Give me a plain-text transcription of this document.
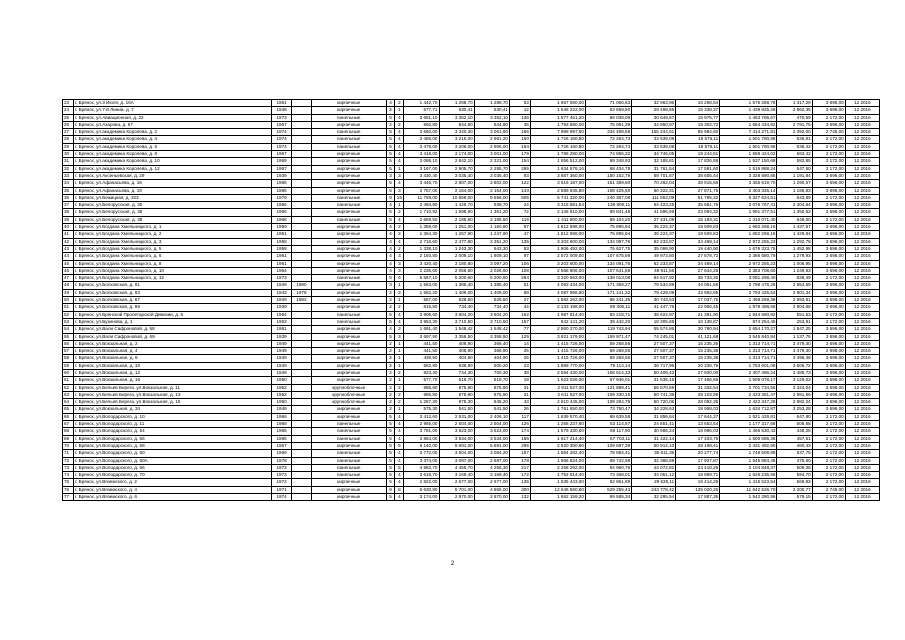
23	г. Брянск, ул.3 Июля, д. 16А	1961		кирпичные	4	2	1 442,70	1 288,70	1 288,70	53	1 667 590,00	71 066,63	32 963,96	16 268,64	1 575 288,78	1 317,29	3 696,00	12 2016
24	г. Брянск, ул.7-й Линии, д. 7	1948		кирпичные	2	1	577,71	530,41	530,41	12	1 548 222,00	63 559,50	29 498,85	15 338,37	1 439 825,28	2 862,35	3 696,00	12 2016
25	г. Брянск, ул.Авиационная, д. 22	1973		панельные	5	4	3 681,10	3 352,10	3 352,10	136	1 577 451,20	66 038,09	30 649,67	15 975,77	1 463 786,67	470,59	2 172,00	12 2016
26	г. Брянск, ул.Азарова, д. 67	1957		кирпичные	2	2	892,80	844,80	844,80	35	1 793 880,00	75 091,39	34 850,97	19 302,72	1 664 434,92	2 791,76	3 696,00	12 2016
27	г. Брянск, ул.академика Королева, д. 2	1974		панельные	5	4	3 660,00	3 340,30	3 061,90	166	7 989 997,60	334 498,58	155 244,61	85 984,60	7 414 271,81	2 392,00	2 745,00	12 2016
28	г. Брянск, ул.академика Королева, д. 4	1974		панельные	5	4	3 489,00	3 215,00	2 981,20	150	1 726 160,80	72 264,73	33 539,08	18 576,11	1 601 780,88	536,91	2 172,00	12 2016
29	г. Брянск, ул.академика Королева, д. 6	1974		панельные	5	4	3 479,00	3 206,00	2 906,00	164	1 726 160,80	72 264,73	33 539,08	18 576,11	1 601 780,88	538,42	2 172,00	12 2016
30	г. Брянск, ул.академика Королева, д. 8	1967		кирпичные	5	4	3 418,00	3 174,00	3 001,00	179	1 788 280,00	74 865,32	34 746,05	19 244,61	1 659 424,02	563,42	2 172,00	12 2016
31	г. Брянск, ул.академика Королева, д. 10	1969		кирпичные	5	4	3 086,10	2 842,10	2 321,00	154	1 656 512,00	69 348,93	32 185,81	17 826,58	1 537 150,68	582,85	2 172,00	12 2016
32	г. Брянск, ул.академика Королева, д. 12	1967		кирпичные	5	1	3 167,00	2 905,70	2 285,70	295	1 634 576,16	68 434,78	31 761,54	17 591,60	1 516 888,24	547,50	2 172,00	12 2016
33	г. Брянск, ул.Аксеньевская, д. 29	1939		кирпичные	3	3	3 430,40	3 035,40	3 035,40	93	3 687 360,00	150 162,78	69 701,67	38 605,44	3 328 890,85	1 191,84	3 696,00	12 2016
34	г. Брянск, ул.Афанасьева, д. 16	1965		кирпичные	5	4	3 446,70	2 807,00	2 802,00	122	3 616 187,00	151 389,60	70 262,04	38 915,66	3 355 619,70	1 290,57	3 696,00	12 2016
35	г. Брянск, ул.Афанасьева, д. 19	1965		кирпичные	5	3	2 757,00	2 164,00	2 164,00	143	2 589 945,80	108 425,60	50 322,31	27 871,75	2 403 325,14	1 196,83	3 696,00	12 2016
36	г. Брянск, ул.Бежицкая, д. 323	1979		панельные	9	15	11 759,00	10 556,00	9 556,00	505	5 741 320,00	240 367,08	111 553,09	61 785,32	5 327 624,51	543,89	2 172,00	12 2016
37	г. Брянск, ул.Белорусская, д. 30	1966		панельные	4	1	2 494,90	1 428,70	938,70	24	3 315 681,54	138 809,11	64 423,25	35 681,76	3 076 767,41	2 304,64	3 696,00	12 2016
38	г. Брянск, ул.Белорусская, д. 36	1966		кирпичные	5	2	1 710,92	1 598,90	1 351,20	72	2 146 810,00	89 841,48	41 696,69	23 094,32	1 991 377,51	1 350,53	3 696,00	12 2016
39	г. Брянск, ул.Белорусская, д. 38	1968		панельные	5	4	2 669,50	2 185,50	2 185,50	119	1 411 800,00	59 104,20	27 431,09	15 193,31	1 310 071,40	646,00	2 172,00	12 2016
40	г. Брянск, ул.Богдана Хмельницкого, д. 1	1959		кирпичные	4	2	1 359,00	1 251,00	1 160,80	57	1 812 898,00	75 895,94	35 224,37	19 509,83	1 682 268,16	1 437,67	3 696,00	12 2016
41	г. Брянск, ул.Богдана Хмельницкого, д. 2	1961		кирпичные	4	2	1 364,30	1 267,90	1 247,90	47	1 812 898,00	75 895,94	35 224,37	19 509,83	1 682 268,16	1 429,84	3 696,00	12 2016
42	г. Брянск, ул.Богдана Хмельницкого, д. 3	1958		кирпичные	4	4	2 716,60	2 477,80	2 351,20	135	3 203 600,00	134 097,76	62 233,87	34 469,14	2 972 255,23	1 292,78	3 696,00	12 2016
43	г. Брянск, ул.Богдана Хмельницкого, д. 5	1958		кирпичные	4	2	1 338,10	1 243,30	943,30	53	1 806 492,00	75 627,75	35 099,90	19 440,90	1 676 323,75	1 452,98	3 696,00	12 2016
44	г. Брянск, ул.Богдана Хмельницкого, д. 6	1961		кирпичные	4	3	2 193,80	2 009,10	1 809,10	97	2 572 009,00	107 675,69	49 973,80	27 678,72	2 386 680,79	1 279,93	3 696,00	12 2016
45	г. Брянск, ул.Богдана Хмельницкого, д. 8	1961		кирпичные	4	3	3 420,40	3 180,80	3 097,20	106	3 203 600,00	134 091,76	62 233,87	34 469,14	2 972 255,23	1 006,95	3 696,00	12 2016
46	г. Брянск, ул.Богдана Хмельницкого, д. 10	1964		кирпичные	4	3	2 235,60	2 056,60	2 026,60	108	2 568 806,00	107 541,59	49 911,56	27 644,25	2 383 708,60	1 249,93	3 696,00	12 2016
47	г. Брянск, ул.Богдана Хмельницкого, д. 12	1973		панельные	5	6	5 567,10	5 200,60	5 200,60	264	3 320 563,00	139 013,08	64 517,92	35 734,30	3 081 298,40	638,49	2 172,00	12 2016
48	г. Брянск, ул.Болховская, д. 61	1949	1980	кирпичные	3	1	1 563,00	1 385,40	1 385,40	51	4 093 434,00	171 369,27	79 534,89	44 051,56	3 798 478,28	2 954,69	3 696,00	12 2016
49	г. Брянск, ул.Болховская, д. 63	1943	1978	кирпичные	2	3	1 582,20	1 409,00	1 409,00	69	4 087 968,90	171 141,32	79 429,09	43 992,95	3 793 425,53	2 901,34	3 696,00	12 2016
50	г. Брянск, ул.Болховская, д. 67	1949	1983	кирпичные	2	1	587,00	528,50	528,50	27	1 582 262,00	66 241,35	30 743,53	17 037,75	1 468 269,38	2 993,91	3 696,00	12 2016
51	г. Брянск, ул.Болховская, д. 69	1939		кирпичные	2	2	815,80	734,40	734,40	44	2 133 198,00	89 305,11	41 447,76	22 956,45	1 979 488,68	2 904,68	3 696,00	12 2016
52	г. Брянск, ул.Брянской Пролетарской Дивизии, д. 5	1964		панельные	5	4	3 905,60	3 604,20	3 604,20	162	1 987 814,40	83 218,71	38 622,97	21 391,90	1 844 580,82	551,53	2 172,00	12 2016
53	г. Брянск, ул.Бузинова, д. 1	1963		панельные	5	4	3 953,30	3 710,50	3 710,50	157	942 141,20	39 442,20	18 305,68	10 138,87	874 254,45	253,91	2 172,00	12 2016
54	г. Брянск, ул.Вали Сафроновой, д. 58	1961		кирпичные	4	3	1 691,40	1 548,42	1 548,42	77	2 860 270,00	119 743,94	55 574,86	30 780,94	2 654 170,27	1 847,25	3 696,00	12 2016
55	г. Брянск, ул.Вали Сафроновой, д. 69	1939		кирпичные	5	3	3 697,90	3 358,50	3 358,50	125	3 821 179,00	159 971,47	74 245,01	41 121,68	3 545 840,84	1 137,76	3 696,00	12 2016
56	г. Брянск, ул.Вокзальная, д. 2	1949		кирпичные	2	1	441,50	406,90	366,40	14	1 415 726,00	59 268,56	27 507,37	15 235,36	1 313 714,71	3 479,30	3 696,00	12 2016
57	г. Брянск, ул.Вокзальная, д. 4	1949		кирпичные	2	1	441,50	406,90	366,90	25	1 415 726,00	59 268,56	27 507,37	15 235,36	1 313 714,71	3 479,30	2 998,00	12 2016
58	г. Брянск, ул.Вокзальная, д. 6	1949		кирпичные	2	1	439,50	404,90	404,90	26	1 415 726,00	59 268,56	27 507,37	15 235,36	1 313 714,71	3 496,48	3 696,00	12 2016
59	г. Брянск, ул.Вокзальная, д. 10	1949		кирпичные	2	1	582,80	538,90	500,20	23	1 889 770,00	79 114,14	36 717,96	20 336,79	1 753 601,08	3 506,72	3 696,00	12 2016
60	г. Брянск, ул.Вокзальная, д. 12	1949		кирпичные	2	2	823,30	744,30	700,30	38	2 594 430,00	108 614,33	50 409,43	27 920,00	2 407 486,24	3 485,73	3 696,00	12 2016
61	г. Брянск, ул.Вокзальная, д. 16	1950		кирпичные	2	1	577,70	518,70	518,70	18	1 623 026,00	67 946,01	31 535,16	17 466,66	1 506 078,17	3 129,03	3 696,00	12 2016
62	г. Брянск, ул.Бельев Берега, ул.Вокзальная, д. 11	1952		крупноблочные	2	2	985,80	875,90	875,90	31	2 911 527,00	121 889,41	56 570,59	31 332,54	2 701 734,55	3 324,04	3 696,00	12 2016
63	г. Брянск, ул.Бельев Берега, ул.Вокзальная, д. 13	1952		крупноблочные	2	2	985,80	875,90	875,90	31	2 611 527,00	109 330,15	50 741,39	28 103,99	2 423 351,47	2 981,56	3 696,00	12 2016
64	г. Брянск, ул.Бельев Берега, ул.Вокзальная, д. 15	1950		крупноблочные	2	2	1 267,30	875,30	645,20	43	2 610 445,00	109 284,79	50 720,06	28 092,35	2 422 347,28	2 982,24	3 696,00	12 2016
65	г. Брянск, ул.Вокзальная, д. 34	1949		кирпичные	2	1	575,30	541,50	541,50	26	1 761 650,00	73 750,47	34 228,63	18 958,03	1 634 712,87	3 253,28	3 696,00	12 2016
66	г. Брянск, ул.Володарского, д. 10	1966		кирпичные	5	4	3 412,60	2 531,00	2 406,10	117	1 639 570,40	68 639,58	31 856,64	17 644,37	1 521 429,81	647,80	2 172,00	12 2016
67	г. Брянск, ул.Володарского, д. 11	1968		панельные	5	4	2 965,00	2 504,00	2 504,00	126	1 268 237,60	53 114,87	24 651,41	13 653,54	1 177 317,68	506,68	2 172,00	12 2016
68	г. Брянск, ул.Володарского, д. 54	1965		панельные	5	4	3 781,00	3 523,00	3 523,00	174	1 579 330,60	66 117,90	30 686,24	16 996,03	1 465 530,43	448,28	2 172,00	12 2016
69	г. Брянск, ул.Володарского, д. 56	1965		панельные	5	4	3 864,00	3 534,00	3 534,00	166	1 617 214,40	67 703,11	31 422,14	17 403,76	1 500 686,38	457,61	2 172,00	12 2016
70	г. Брянск, ул.Володарского, д. 58	1967		кирпичные	5	5	6 140,00	5 691,00	5 691,00	295	2 620 300,80	109 697,39	50 912,10	28 198,41	2 431 492,90	460,43	2 172,00	12 2016
71	г. Брянск, ул.Володарского, д. 60	1969		панельные	5	4	3 772,00	3 504,00	3 084,20	187	1 884 282,40	78 884,41	36 611,36	20 277,74	1 748 508,89	537,75	2 172,00	12 2016
72	г. Брянск, ул.Володарского, д. 60А	1978		панельные	5	4	3 374,00	3 097,00	2 697,00	178	1 666 824,00	69 742,98	32 368,69	17 927,87	1 545 884,46	475,60	2 172,00	12 2016
73	г. Брянск, ул.Володарского, д. 66	1973		панельные	5	5	4 982,70	4 455,70	4 256,30	217	2 268 292,00	94 960,76	44 072,82	24 410,26	2 104 848,37	509,08	2 172,00	12 2016
74	г. Брянск, ул.Володарского, д. 70	1973		панельные	5	4	3 615,70	3 169,40	3 169,40	172	1 752 514,40	73 368,01	34 051,12	18 859,71	1 626 235,56	594,70	2 172,00	12 2016
75	г. Брянск, ул.Вяземского, д. 2	1972		кирпичные	5	4	2 822,00	2 677,00	2 677,00	135	1 535 443,60	62 861,89	29 635,11	16 414,25	1 415 523,54	569,83	2 172,00	12 2016
76	г. Брянск, ул.Вяземского, д. 4	1971		кирпичные	9	8	6 630,80	5 701,00	4 865,00	300	12 646 580,80	529 255,43	243 778,42	135 020,25	11 642 526,70	2 200,77	2 745,00	12 2016
77	г. Брянск, ул.Вяземского, д. 6	1974		кирпичные	5	4	3 174,00	2 870,00	2 870,00	132	1 662 159,20	69 585,34	32 295,54	17 887,35	1 542 390,96	579,15	2 172,00	12 2016
2
